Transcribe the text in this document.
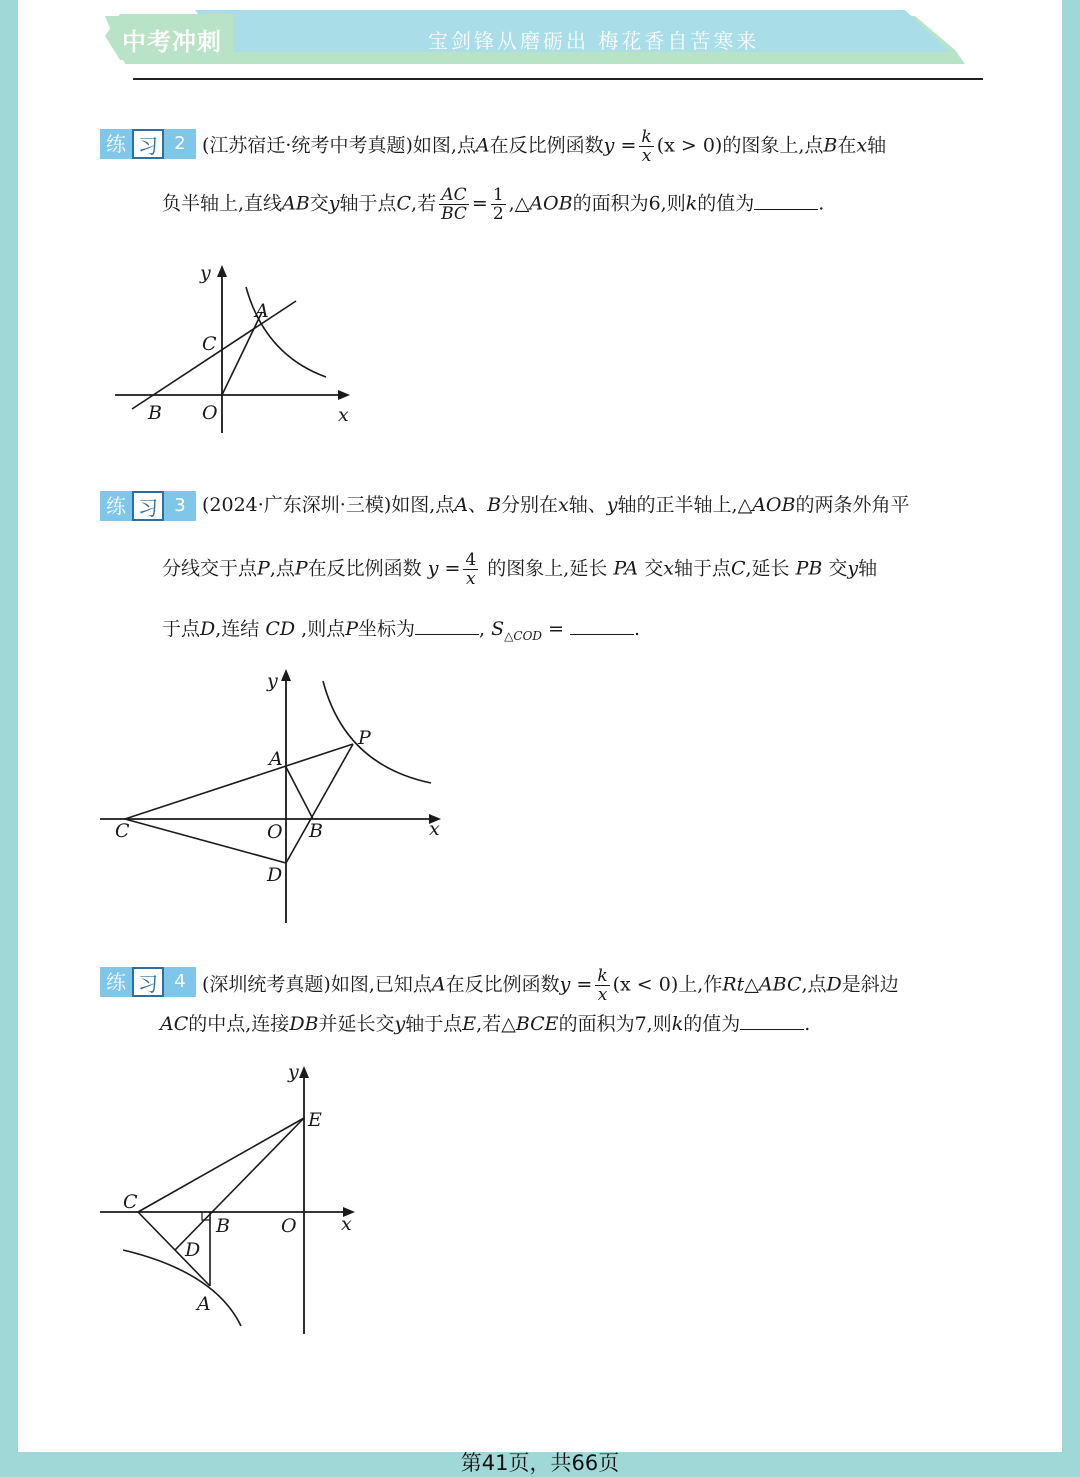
中考冲刺	宝剑锋从磨砺出 梅花香自苦寒来
练 习 2 (江苏宿迁·统考中考真题)如图,点A在反比例函数$y = \frac{k}{x} (x > 0)$的图象上,点B在x轴
负半轴上,直线AB交y轴于点C,若 $\frac{AC}{BC} = \frac{1}{2}$ ,△AOB的面积为6,则k的值为	.
y
A
C
B O	x
练 习 3 (2024·广东深圳·三模)如图,点A、B分别在x轴、y轴的正半轴上,△AOB的两条外角平
分线交于点P,点P在反比例函数 $y = \frac{4}{x}$ 的图象上,延长 PA 交x轴于点C,延长 PB 交y轴
于点D,连结 CD ,则点P坐标为	, $S_{\triangle COD}$ =	.
y
P
A
C	O B	x
D
练 习 4 (深圳统考真题)如图,已知点A在反比例函数$y = \frac{k}{x} (x < 0)$上,作Rt△ABC,点D是斜边
AC的中点,连接DB并延长交y轴于点E,若△BCE的面积为7,则k的值为	.
y
E
C
B	O x
D
A
第41页，共66页
